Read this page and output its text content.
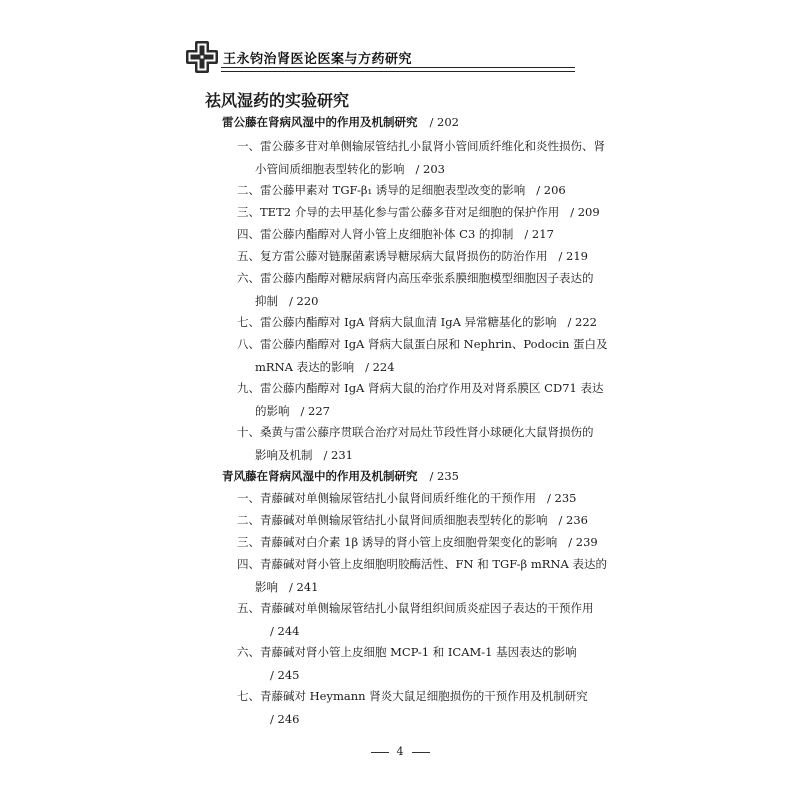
王永钧治肾医论医案与方药研究
祛风湿药的实验研究
雷公藤在肾病风湿中的作用及机制研究 / 202
一、雷公藤多苷对单侧输尿管结扎小鼠肾小管间质纤维化和炎性损伤、肾
小管间质细胞表型转化的影响 / 203
二、雷公藤甲素对 TGF-β₁ 诱导的足细胞表型改变的影响 / 206
三、TET2 介导的去甲基化参与雷公藤多苷对足细胞的保护作用 / 209
四、雷公藤内酯醇对人肾小管上皮细胞补体 C3 的抑制 / 217
五、复方雷公藤对链脲菌素诱导糖尿病大鼠肾损伤的防治作用 / 219
六、雷公藤内酯醇对糖尿病肾内高压牵张系膜细胞模型细胞因子表达的
抑制 / 220
七、雷公藤内酯醇对 IgA 肾病大鼠血清 IgA 异常糖基化的影响 / 222
八、雷公藤内酯醇对 IgA 肾病大鼠蛋白尿和 Nephrin、Podocin 蛋白及
mRNA 表达的影响 / 224
九、雷公藤内酯醇对 IgA 肾病大鼠的治疗作用及对肾系膜区 CD71 表达
的影响 / 227
十、桑黄与雷公藤序贯联合治疗对局灶节段性肾小球硬化大鼠肾损伤的
影响及机制 / 231
青风藤在肾病风湿中的作用及机制研究 / 235
一、青藤碱对单侧输尿管结扎小鼠肾间质纤维化的干预作用 / 235
二、青藤碱对单侧输尿管结扎小鼠肾间质细胞表型转化的影响 / 236
三、青藤碱对白介素 1β 诱导的肾小管上皮细胞骨架变化的影响 / 239
四、青藤碱对肾小管上皮细胞明胶酶活性、FN 和 TGF-β mRNA 表达的
影响 / 241
五、青藤碱对单侧输尿管结扎小鼠肾组织间质炎症因子表达的干预作用
/ 244
六、青藤碱对肾小管上皮细胞 MCP-1 和 ICAM-1 基因表达的影响
/ 245
七、青藤碱对 Heymann 肾炎大鼠足细胞损伤的干预作用及机制研究
/ 246
4
